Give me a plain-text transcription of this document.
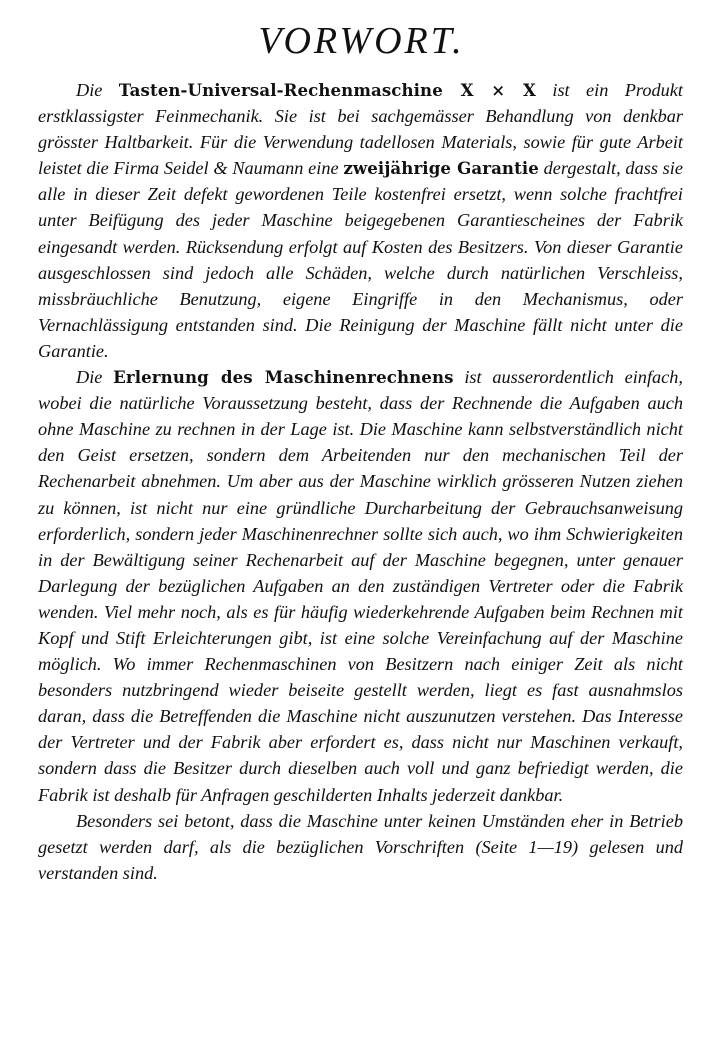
VORWORT.

Die Tasten-Universal-Rechenmaschine X × X ist ein Produkt erstklassigster Feinmechanik. Sie ist bei sachgemässer Behandlung von denkbar grösster Haltbarkeit. Für die Verwendung tadellosen Materials, sowie für gute Arbeit leistet die Firma Seidel & Naumann eine zweijährige Garantie dergestalt, dass sie alle in dieser Zeit defekt gewordenen Teile kostenfrei ersetzt, wenn solche frachtfrei unter Beifügung des jeder Maschine beigegebenen Garantiescheines der Fabrik eingesandt werden. Rücksendung erfolgt auf Kosten des Besitzers. Von dieser Garantie ausgeschlossen sind jedoch alle Schäden, welche durch natürlichen Verschleiss, missbräuchliche Benutzung, eigene Eingriffe in den Mechanismus, oder Vernachlässigung entstanden sind. Die Reinigung der Maschine fällt nicht unter die Garantie.

Die Erlernung des Maschinenrechnens ist ausserordentlich einfach, wobei die natürliche Voraussetzung besteht, dass der Rechnende die Aufgaben auch ohne Maschine zu rechnen in der Lage ist. Die Maschine kann selbstverständlich nicht den Geist ersetzen, sondern dem Arbeitenden nur den mechanischen Teil der Rechenarbeit abnehmen. Um aber aus der Maschine wirklich grösseren Nutzen ziehen zu können, ist nicht nur eine gründliche Durcharbeitung der Gebrauchsanweisung erforderlich, sondern jeder Maschinenrechner sollte sich auch, wo ihm Schwierigkeiten in der Bewältigung seiner Rechenarbeit auf der Maschine begegnen, unter genauer Darlegung der bezüglichen Aufgaben an den zuständigen Vertreter oder die Fabrik wenden. Viel mehr noch, als es für häufig wiederkehrende Aufgaben beim Rechnen mit Kopf und Stift Erleichterungen gibt, ist eine solche Vereinfachung auf der Maschine möglich. Wo immer Rechenmaschinen von Besitzern nach einiger Zeit als nicht besonders nutzbringend wieder beiseite gestellt werden, liegt es fast ausnahmslos daran, dass die Betreffenden die Maschine nicht auszunutzen verstehen. Das Interesse der Vertreter und der Fabrik aber erfordert es, dass nicht nur Maschinen verkauft, sondern dass die Besitzer durch dieselben auch voll und ganz befriedigt werden, die Fabrik ist deshalb für Anfragen geschilderten Inhalts jederzeit dankbar.

Besonders sei betont, dass die Maschine unter keinen Umständen eher in Betrieb gesetzt werden darf, als die bezüglichen Vorschriften (Seite 1—19) gelesen und verstanden sind.
